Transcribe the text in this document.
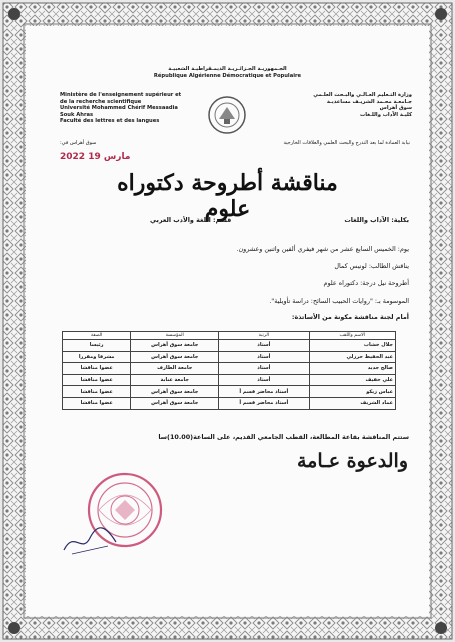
الجـمهوريـة الجـزائـريـة الديمـقراطيـة الشعبيـة
République Algérienne Démocratique et Populaire
Ministère de l'enseignement supérieur et
de la recherche scientifique
Université Mohammed Chérif Messaadia
Souk Ahras
Faculté des lettres et des langues
وزارة التـعليم العـالـي والبـحث العلـمي
جـامعـة محـمد الشريـف مساعديـة
سوق أهراس
كليـة الآداب واللـغات
سوق أهراس في:	نيابة العمادة لما بعد التدرج والبحث العلمي والعلاقات الخارجية
2022 مارس 19
مناقشة أطروحة دكتوراه علوم	بكلية: الآداب واللغات
قسم: اللغة والأدب العربي
يوم: الخميس السابع عشر من شهر فيفري ألفين واثنين وعشرون.
يناقش الطالب: لونيس كمال
أطروحة نيل درجة: دكتوراه علوم
الموسومة بـ: "روايات الحبيب السائح: دراسة تأويلية".
أمام لجنة مناقشة مكونة من الأساتذة:
الاسم واللقب	الرتبة	المؤسسة	الصفة
جلال خشاب	أستاذ	جامعة سوق أهراس	رئيسا
عبد الحفيظ حرزلي	أستاذ	جامعة سوق أهراس	مشرفا ومقررا
صالح جديد	أستاذ	جامعة الطارف	عضوا مناقشا
علي خفيف	أستاذ	جامعة عنابة	عضوا مناقشا
عباس زيكو	أستاذ محاضر قسم أ	جامعة سوق أهراس	عضوا مناقشا
عماد الشريف	أستاذ محاضر قسم أ	جامعة سوق أهراس	عضوا مناقشا
ستتم المناقشة بقاعة المطالعة، القطب الجامعي القديم، على الساعة(10.00)سا
والدعوة عـامة
